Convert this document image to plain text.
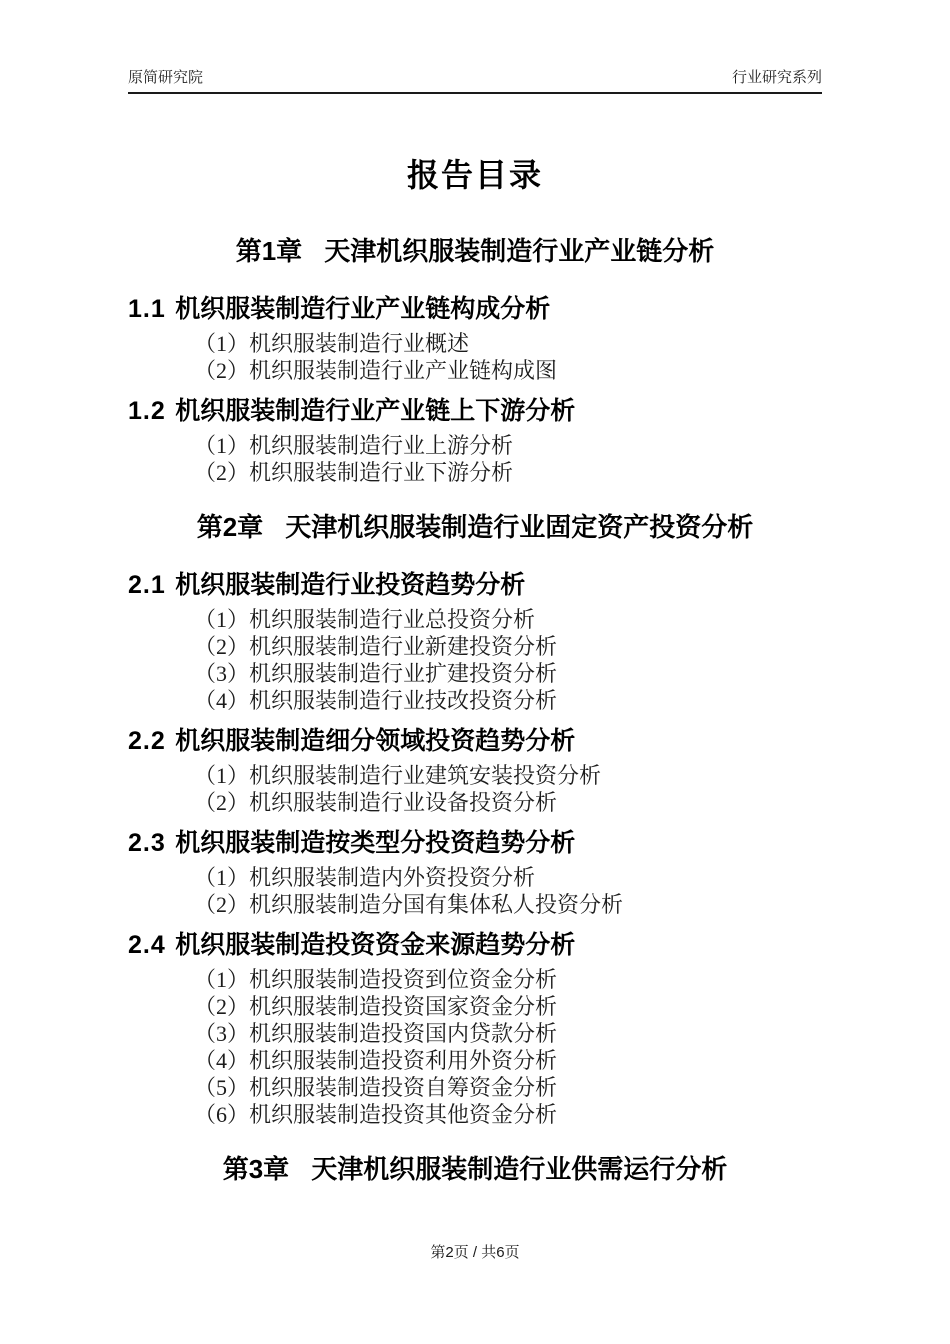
原简研究院	行业研究系列
报告目录
第1章 天津机织服装制造行业产业链分析
1.1 机织服装制造行业产业链构成分析
（1）机织服装制造行业概述
（2）机织服装制造行业产业链构成图
1.2 机织服装制造行业产业链上下游分析
（1）机织服装制造行业上游分析
（2）机织服装制造行业下游分析
第2章 天津机织服装制造行业固定资产投资分析
2.1 机织服装制造行业投资趋势分析
（1）机织服装制造行业总投资分析
（2）机织服装制造行业新建投资分析
（3）机织服装制造行业扩建投资分析
（4）机织服装制造行业技改投资分析
2.2 机织服装制造细分领域投资趋势分析
（1）机织服装制造行业建筑安装投资分析
（2）机织服装制造行业设备投资分析
2.3 机织服装制造按类型分投资趋势分析
（1）机织服装制造内外资投资分析
（2）机织服装制造分国有集体私人投资分析
2.4 机织服装制造投资资金来源趋势分析
（1）机织服装制造投资到位资金分析
（2）机织服装制造投资国家资金分析
（3）机织服装制造投资国内贷款分析
（4）机织服装制造投资利用外资分析
（5）机织服装制造投资自筹资金分析
（6）机织服装制造投资其他资金分析
第3章 天津机织服装制造行业供需运行分析
第2页 / 共6页
